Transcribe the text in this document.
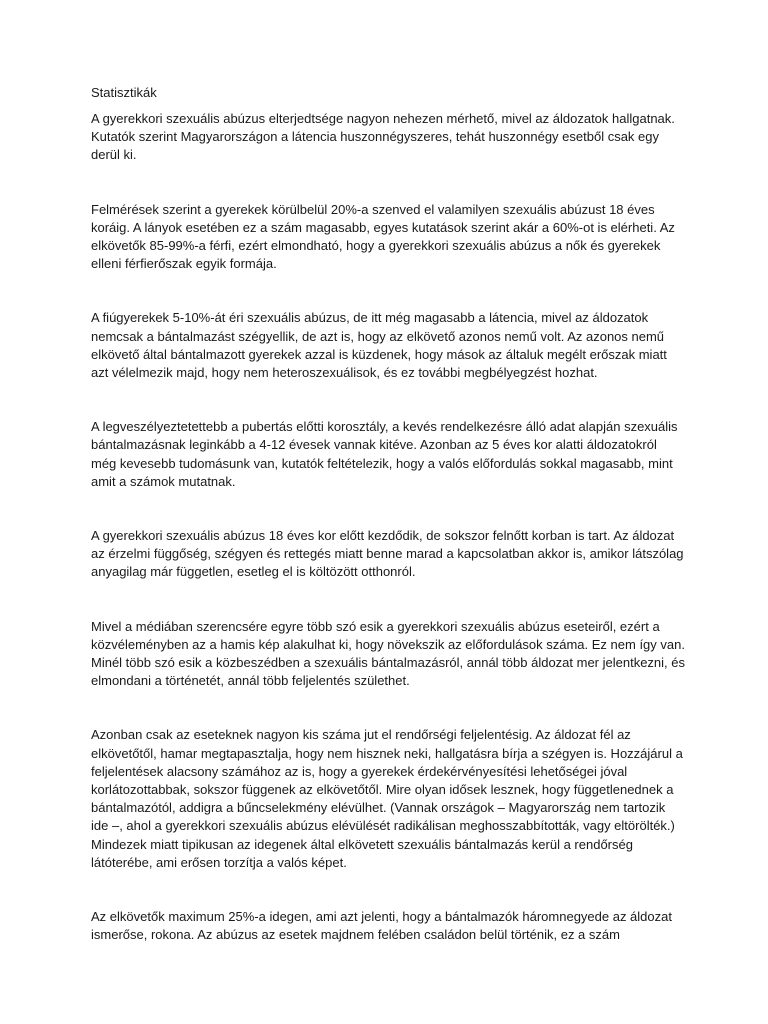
Statisztikák

A gyerekkori szexuális abúzus elterjedtsége nagyon nehezen mérhető, mivel az áldozatok hallgatnak. Kutatók szerint Magyarországon a látencia huszonnégyszeres, tehát huszonnégy esetből csak egy derül ki.

Felmérések szerint a gyerekek körülbelül 20%-a szenved el valamilyen szexuális abúzust 18 éves koráig. A lányok esetében ez a szám magasabb, egyes kutatások szerint akár a 60%-ot is elérheti. Az elkövetők 85-99%-a férfi, ezért elmondható, hogy a gyerekkori szexuális abúzus a nők és gyerekek elleni férfierőszak egyik formája.

A fiúgyerekek 5-10%-át éri szexuális abúzus, de itt még magasabb a látencia, mivel az áldozatok nemcsak a bántalmazást szégyellik, de azt is, hogy az elkövető azonos nemű volt. Az azonos nemű elkövető által bántalmazott gyerekek azzal is küzdenek, hogy mások az általuk megélt erőszak miatt azt vélelmezik majd, hogy nem heteroszexuálisok, és ez további megbélyegzést hozhat.

A legveszélyeztetettebb a pubertás előtti korosztály, a kevés rendelkezésre álló adat alapján szexuális bántalmazásnak leginkább a 4-12 évesek vannak kitéve. Azonban az 5 éves kor alatti áldozatokról még kevesebb tudomásunk van, kutatók feltételezik, hogy a valós előfordulás sokkal magasabb, mint amit a számok mutatnak.

A gyerekkori szexuális abúzus 18 éves kor előtt kezdődik, de sokszor felnőtt korban is tart. Az áldozat az érzelmi függőség, szégyen és rettegés miatt benne marad a kapcsolatban akkor is, amikor látszólag anyagilag már független, esetleg el is költözött otthonról.

Mivel a médiában szerencsére egyre több szó esik a gyerekkori szexuális abúzus eseteiről, ezért a közvéleményben az a hamis kép alakulhat ki, hogy növekszik az előfordulások száma. Ez nem így van. Minél több szó esik a közbeszédben a szexuális bántalmazásról, annál több áldozat mer jelentkezni, és elmondani a történetét, annál több feljelentés születhet.

Azonban csak az eseteknek nagyon kis száma jut el rendőrségi feljelentésig. Az áldozat fél az elkövetőtől, hamar megtapasztalja, hogy nem hisznek neki, hallgatásra bírja a szégyen is. Hozzájárul a feljelentések alacsony számához az is, hogy a gyerekek érdekérvényesítési lehetőségei jóval korlátozottabbak, sokszor függenek az elkövetőtől. Mire olyan idősek lesznek, hogy függetlenednek a bántalmazótól, addigra a bűncselekmény elévülhet. (Vannak országok – Magyarország nem tartozik ide –, ahol a gyerekkori szexuális abúzus elévülését radikálisan meghosszabbították, vagy eltörölték.) Mindezek miatt tipikusan az idegenek által elkövetett szexuális bántalmazás kerül a rendőrség látóterébe, ami erősen torzítja a valós képet.

Az elkövetők maximum 25%-a idegen, ami azt jelenti, hogy a bántalmazók háromnegyede az áldozat ismerőse, rokona. Az abúzus az esetek majdnem felében családon belül történik, ez a szám
